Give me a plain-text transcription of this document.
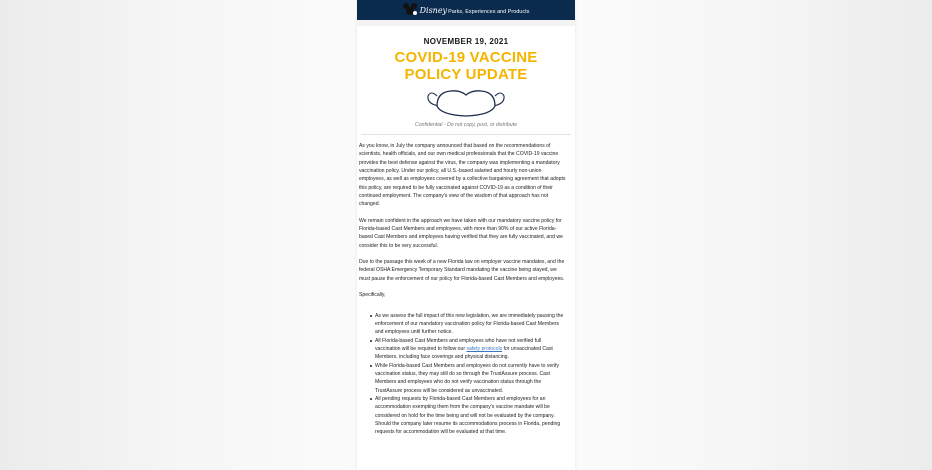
DisneyParks, Experiences and Products
NOVEMBER 19, 2021
COVID-19 VACCINE
POLICY UPDATE
Confidential - Do not copy, post, or distribute

As you know, in July the company announced that based on the recommendations of scientists, health officials, and our own medical professionals that the COVID-19 vaccine provides the best defense against the virus, the company was implementing a mandatory vaccination policy. Under our policy, all U.S.-based salaried and hourly non-union employees, as well as employees covered by a collective bargaining agreement that adopts this policy, are required to be fully vaccinated against COVID-19 as a condition of their continued employment. The company's view of the wisdom of that approach has not changed.

We remain confident in the approach we have taken with our mandatory vaccine policy for Florida-based Cast Members and employees, with more than 90% of our active Florida-based Cast Members and employees having verified that they are fully vaccinated, and we consider this to be very successful.

Due to the passage this week of a new Florida law on employer vaccine mandates, and the federal OSHA Emergency Temporary Standard mandating the vaccine being stayed, we must pause the enforcement of our policy for Florida-based Cast Members and employees.

Specifically,

As we assess the full impact of this new legislation, we are immediately pausing the enforcement of our mandatory vaccination policy for Florida-based Cast Members and employees until further notice.
All Florida-based Cast Members and employees who have not verified full vaccination will be required to follow our safety protocols for unvaccinated Cast Members, including face coverings and physical distancing.
While Florida-based Cast Members and employees do not currently have to verify vaccination status, they may still do so through the TrustAssure process. Cast Members and employees who do not verify vaccination status through the TrustAssure process will be considered as unvaccinated.
All pending requests by Florida-based Cast Members and employees for an accommodation exempting them from the company's vaccine mandate will be considered on hold for the time being and will not be evaluated by the company. Should the company later resume its accommodations process in Florida, pending requests for accommodation will be evaluated at that time.
